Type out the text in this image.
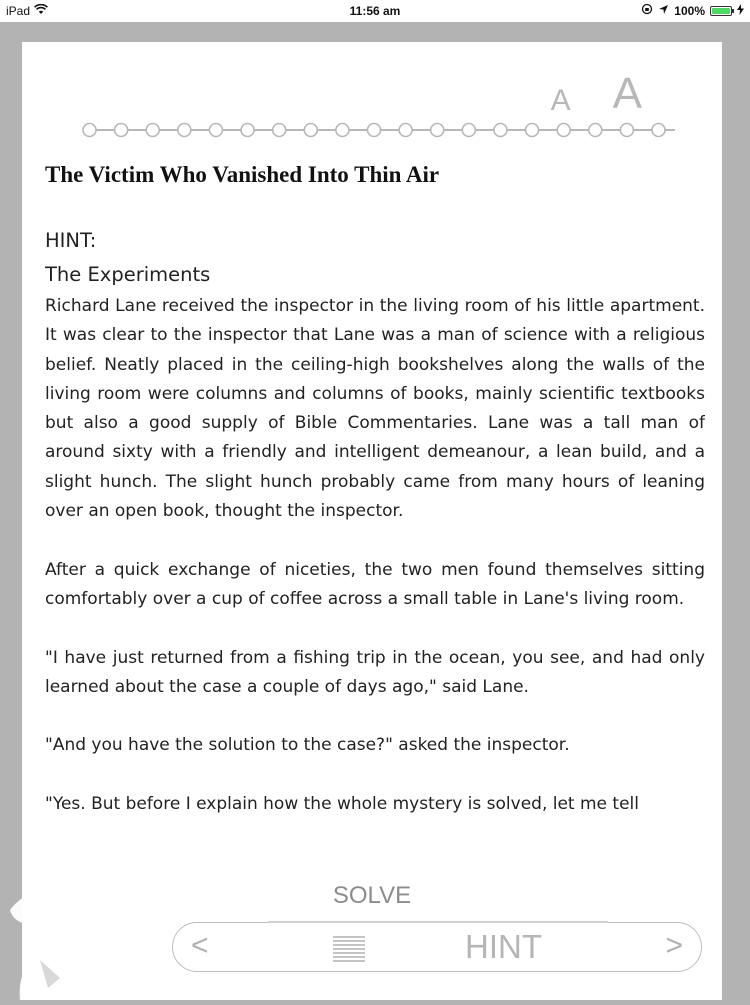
iPad	11:56 am	100%
A A
The Victim Who Vanished Into Thin Air
HINT:
The Experiments

Richard Lane received the inspector in the living room of his little apartment. It was clear to the inspector that Lane was a man of science with a religious belief. Neatly placed in the ceiling-high bookshelves along the walls of the living room were columns and columns of books, mainly scientific textbooks but also a good supply of Bible Commentaries. Lane was a tall man of around sixty with a friendly and intelligent demeanour, a lean build, and a slight hunch. The slight hunch probably came from many hours of leaning over an open book, thought the inspector.

After a quick exchange of niceties, the two men found themselves sitting comfortably over a cup of coffee across a small table in Lane's living room.

"I have just returned from a fishing trip in the ocean, you see, and had only learned about the case a couple of days ago," said Lane.

"And you have the solution to the case?" asked the inspector.

"Yes. But before I explain how the whole mystery is solved, let me tell

SOLVE
<	HINT	>
